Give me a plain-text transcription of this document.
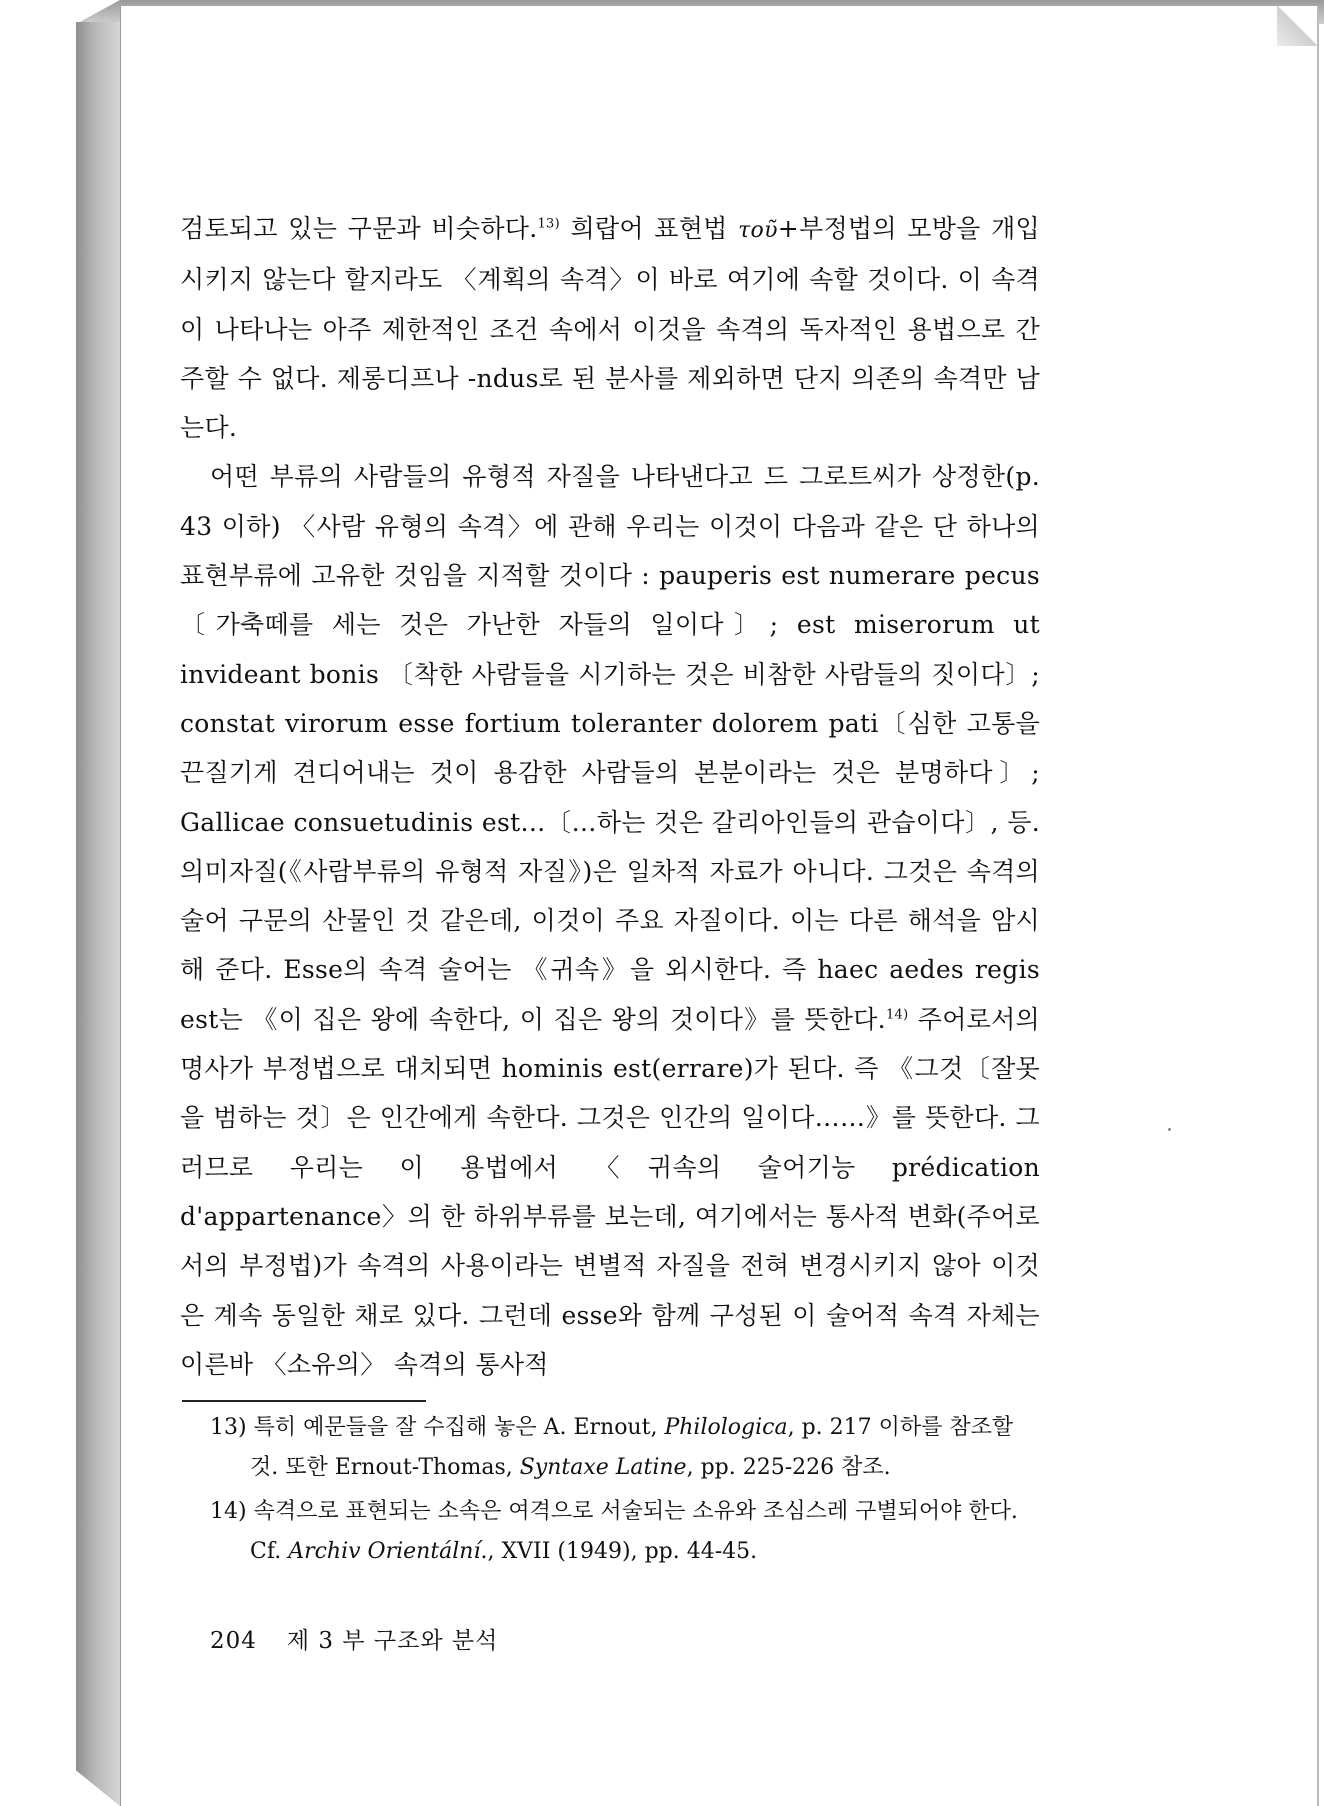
검토되고 있는 구문과 비슷하다.$^{13)}$ 희랍어 표현법 τοῦ+부정법의 모방을 개입시키지 않는다 할지라도 〈계획의 속격〉이 바로 여기에 속할 것이다. 이 속격이 나타나는 아주 제한적인 조건 속에서 이것을 속격의 독자적인 용법으로 간주할 수 없다. 제롱디프나 -ndus로 된 분사를 제외하면 단지 의존의 속격만 남는다.

어떤 부류의 사람들의 유형적 자질을 나타낸다고 드 그로트씨가 상정한(p. 43 이하) 〈사람 유형의 속격〉에 관해 우리는 이것이 다음과 같은 단 하나의 표현부류에 고유한 것임을 지적할 것이다 : pauperis est numerare pecus 〔가축떼를 세는 것은 가난한 자들의 일이다〕; est miserorum ut invideant bonis 〔착한 사람들을 시기하는 것은 비참한 사람들의 짓이다〕; constat virorum esse fortium toleranter dolorem pati〔심한 고통을 끈질기게 견디어내는 것이 용감한 사람들의 본분이라는 것은 분명하다〕; Gallicae consuetudinis est…〔…하는 것은 갈리아인들의 관습이다〕, 등. 의미자질(《사람부류의 유형적 자질》)은 일차적 자료가 아니다. 그것은 속격의 술어 구문의 산물인 것 같은데, 이것이 주요 자질이다. 이는 다른 해석을 암시해 준다. Esse의 속격 술어는 《귀속》을 외시한다. 즉 haec aedes regis est는 《이 집은 왕에 속한다, 이 집은 왕의 것이다》를 뜻한다.$^{14)}$ 주어로서의 명사가 부정법으로 대치되면 hominis est(errare)가 된다. 즉 《그것〔잘못을 범하는 것〕은 인간에게 속한다. 그것은 인간의 일이다……》를 뜻한다. 그러므로 우리는 이 용법에서 〈귀속의 술어기능 prédication d'appartenance〉의 한 하위부류를 보는데, 여기에서는 통사적 변화(주어로서의 부정법)가 속격의 사용이라는 변별적 자질을 전혀 변경시키지 않아 이것은 계속 동일한 채로 있다. 그런데 esse와 함께 구성된 이 술어적 속격 자체는 이른바 〈소유의〉 속격의 통사적

13) 특히 예문들을 잘 수집해 놓은 A. Ernout, Philologica, p. 217 이하를 참조할 것. 또한 Ernout-Thomas, Syntaxe Latine, pp. 225-226 참조.

14) 속격으로 표현되는 소속은 여격으로 서술되는 소유와 조심스레 구별되어야 한다. Cf. Archiv Orientální., XVII (1949), pp. 44-45.

204 제 3 부 구조와 분석
